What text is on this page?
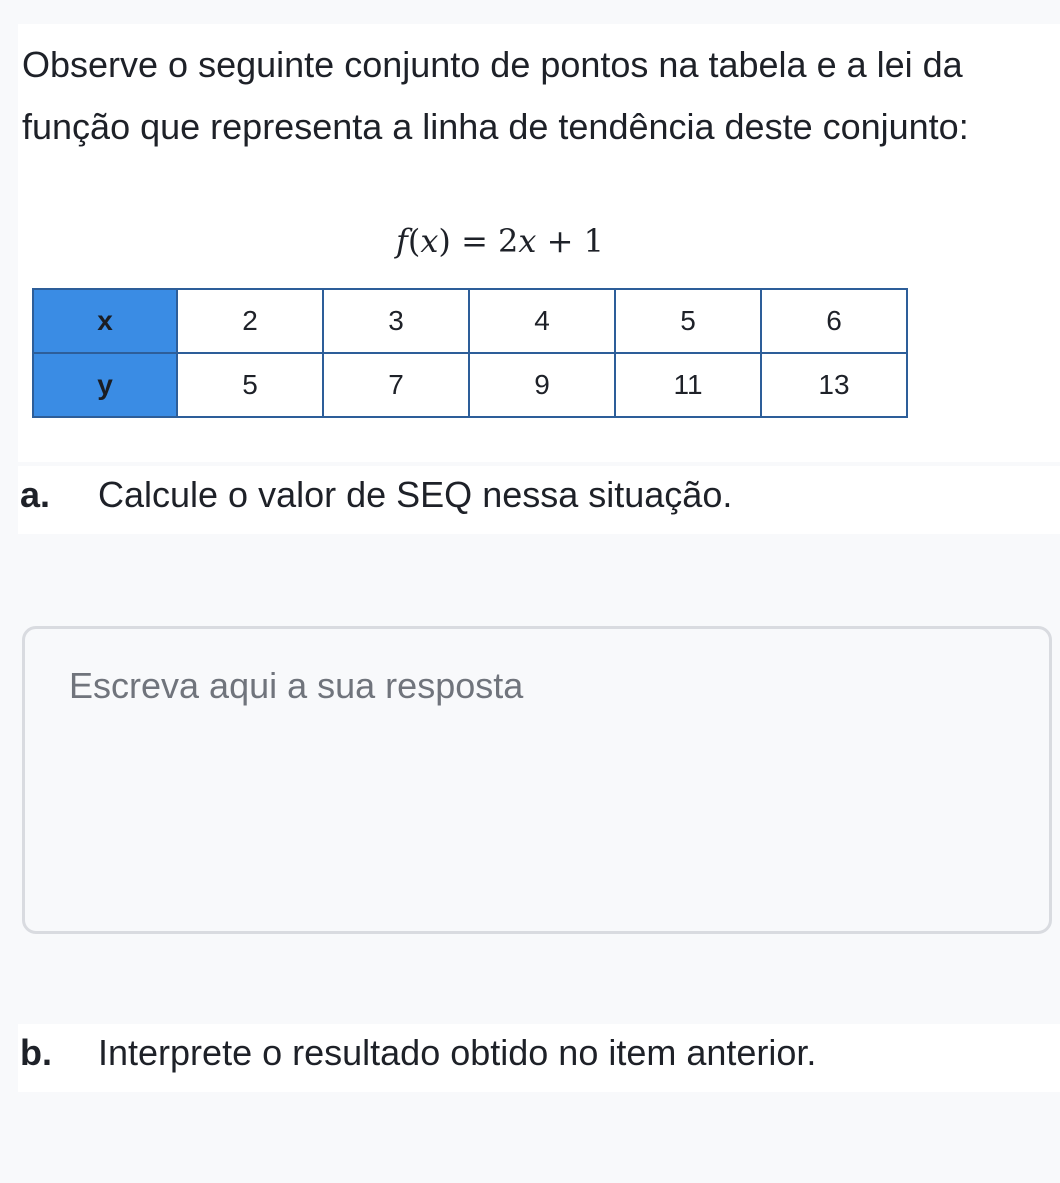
Observe o seguinte conjunto de pontos na tabela e a lei da função que representa a linha de tendência deste conjunto:

f(x) = 2x + 1
x	2	3	4	5	6
y	5	7	9	11	13
a. Calcule o valor de SEQ nessa situação.
Escreva aqui a sua resposta
b. Interprete o resultado obtido no item anterior.
